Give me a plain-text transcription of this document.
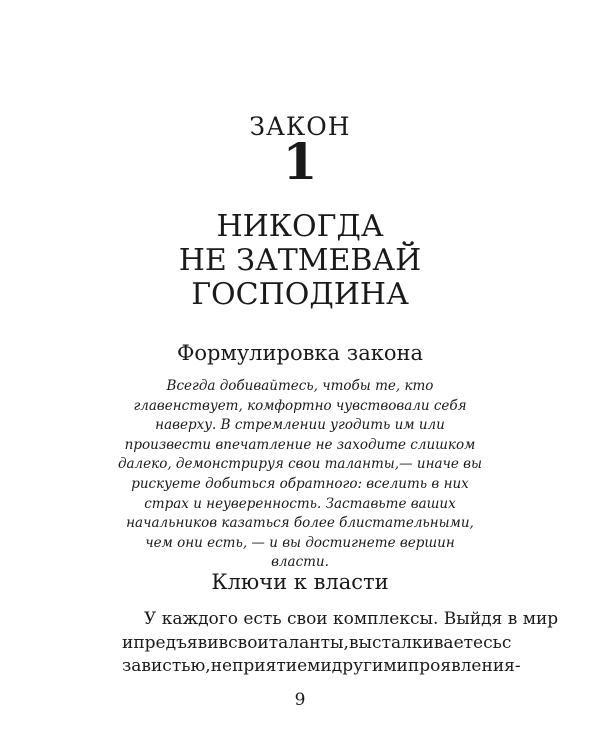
ЗАКОН
1
НИКОГДА
НЕ ЗАТМЕВАЙ
ГОСПОДИНА
Формулировка закона
Всегда добивайтесь, чтобы те, кто
главенствует, комфортно чувствовали себя
наверху. В стремлении угодить им или
произвести впечатление не заходите слишком
далеко, демонстрируя свои таланты,— иначе вы
рискуете добиться обратного: вселить в них
страх и неуверенность. Заставьте ваших
начальников казаться более блистательными,
чем они есть, — и вы достигнете вершин
власти.
Ключи к власти
У каждого есть свои комплексы. Выйдя в мир
и предъявив свои таланты, вы сталкиваетесь с
завистью, неприятием и другими проявления-
9
